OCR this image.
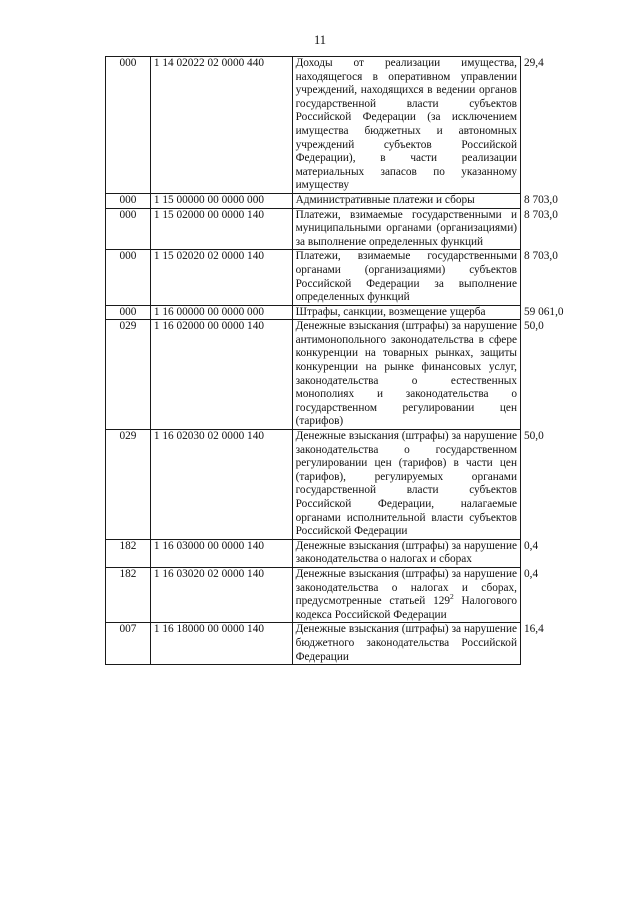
11
000	1 14 02022 02 0000 440	Доходы от реализации имущества, находящегося в оперативном управлении учреждений, находящихся в ведении органов государственной власти субъектов Российской Федерации (за исключением имущества бюджетных и автономных учреждений субъектов Российской Федерации), в части реализации материальных запасов по указанному имуществу	29,4
000	1 15 00000 00 0000 000	Административные платежи и сборы	8 703,0
000	1 15 02000 00 0000 140	Платежи, взимаемые государственными и муниципальными органами (организациями) за выполнение определенных функций	8 703,0
000	1 15 02020 02 0000 140	Платежи, взимаемые государственными органами (организациями) субъектов Российской Федерации за выполнение определенных функций	8 703,0
000	1 16 00000 00 0000 000	Штрафы, санкции, возмещение ущерба	59 061,0
029	1 16 02000 00 0000 140	Денежные взыскания (штрафы) за нарушение антимонопольного законодательства в сфере конкуренции на товарных рынках, защиты конкуренции на рынке финансовых услуг, законодательства о естественных монополиях и законодательства о государственном регулировании цен (тарифов)	50,0
029	1 16 02030 02 0000 140	Денежные взыскания (штрафы) за нарушение законодательства о государственном регулировании цен (тарифов) в части цен (тарифов), регулируемых органами государственной власти субъектов Российской Федерации, налагаемые органами исполнительной власти субъектов Российской Федерации	50,0
182	1 16 03000 00 0000 140	Денежные взыскания (штрафы) за нарушение законодательства о налогах и сборах	0,4
182	1 16 03020 02 0000 140	Денежные взыскания (штрафы) за нарушение законодательства о налогах и сборах, предусмотренные статьей $129^2$ Налогового кодекса Российской Федерации	0,4
007	1 16 18000 00 0000 140	Денежные взыскания (штрафы) за нарушение бюджетного законодательства Российской Федерации	16,4
